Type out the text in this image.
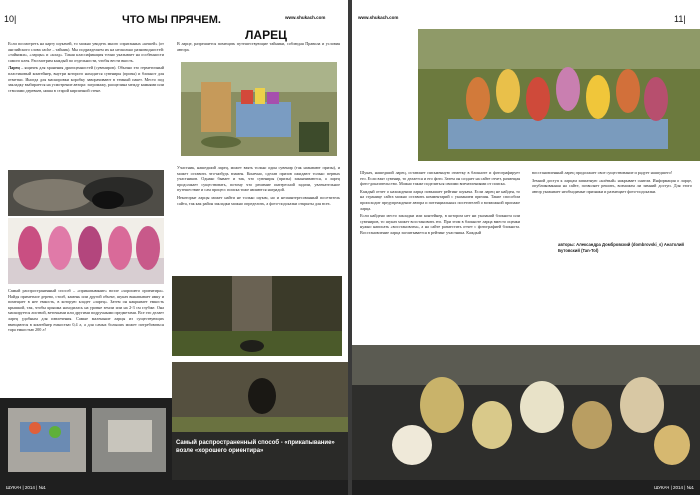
10|	ЧТО МЫ ПРЯЧЕМ.	www.shukach.com
ЛАРЕЦ

Если посмотреть на карту шукачей, то можно увидеть много спрятанных «кешей» (от английского слова cache – тайник). Мы подразделяем их на несколько разновидностей: «тайники», «ларцы» и «клад». Такая классификация точно указывает на особенности самого клея. Рассмотрим каждый по отдельности, чтобы вести вкость.

Ларец – ящичек для хранения драгоценностей (сувениров). Обычно это герметичный пластиковый контейнер, внутри которого находятся сувениры (призы) и блокнот для отметки. Иногда для маскировки коробку заворачивают в темный пакет. Место под закладку выбирается на усмотрение автора: загромажу, расщелина между камнями или стволами деревьев, ниша в старой кирпичной стене.

В ларце, разрешается помещать путешествующие тайники, соблюдая Правила и условия автора.

Участник, нашедший ларец, может взять только один сувенир (так называют призы), и может оставить что-нибудь взамен. Конечно, сделав призов ожидают только первых участников. Однако бывает и так, что сувениры (призы) заканчиваются, а ларец продолжает существовать, потому что решение интересной задачи, увлекательное путешествие и сам процесс поиска тоже являются наградой.

Некоторые ларцы может найти не только шукач, но и незаинтересованный посетитель сайта, так как район закладки можно определить, а фото-подсказки открыты для всех.

Самый распространенный способ – «прикапывание» возле «хорошего ориентира». Найдя приметное дерево, столб, камень или другой объект, шукач выкапывает ямку и помещает в нее емкость, в которую кладет «ларец». Затем он накрывает емкость крышкой, так, чтобы крышка находилась на уровне земли или на 2-3 см глубже. Она маскируется листвой, веточками или другими подручными предметами. Все это делает ларец удобным для извлечения. Самые маленькие ларцы из существующих вмещаются в контейнер емкостью 0,4 л, а для самых больших может потребоваться тара емкостью 200 л!

Самый распространенный способ - «прикапывание» возле «хорошего ориентира»
ШУКАЧ | 2014 | №1
www.shukach.com	11|

Шукач, нашедший ларец, оставляет письменную отметку в блокноте и фотографирует его. Если взят сувенир, то делается и его фото. Затем он создает на сайте отчет, размещая фото-доказательство. Можно также поделиться своими впечатлениями от поиска.

Каждый отчет о нахождении ларца повышает рейтинг шукача. Если ларец не найден, то на странице сайта можно оставить комментарий с указанием причин. Такие способом происходит предупреждение автора и потенциальных посетителей о возможной пропаже ларца.

Если найдено место закладки или контейнер, в котором нет ни указаний блокнота или сувениров, то шукач может восстановить его. При этом в блокноте ларца вместо оценки нужно написать «восстановлен», а на сайте разместить отчет с фотографией блокнота. Восстановление ларца засчитывается в рейтинг участника. Каждый

восстановленный ларец продолжает свое существование и радует нашедшего!

Земной доступ к ларцам запиатную «клёвый» накрывает снятом. Информация о ларце, опубликованная на сайте, позволяет решить, возможен ли зимний доступ. Для этого автор указывает необходимые признаки и размещает фото-подсказки.

авторы: Александра Домбровский (dombrovski_s) Анатолий Бутовский (Tan-Tol)
ШУКАЧ | 2014 | №1
